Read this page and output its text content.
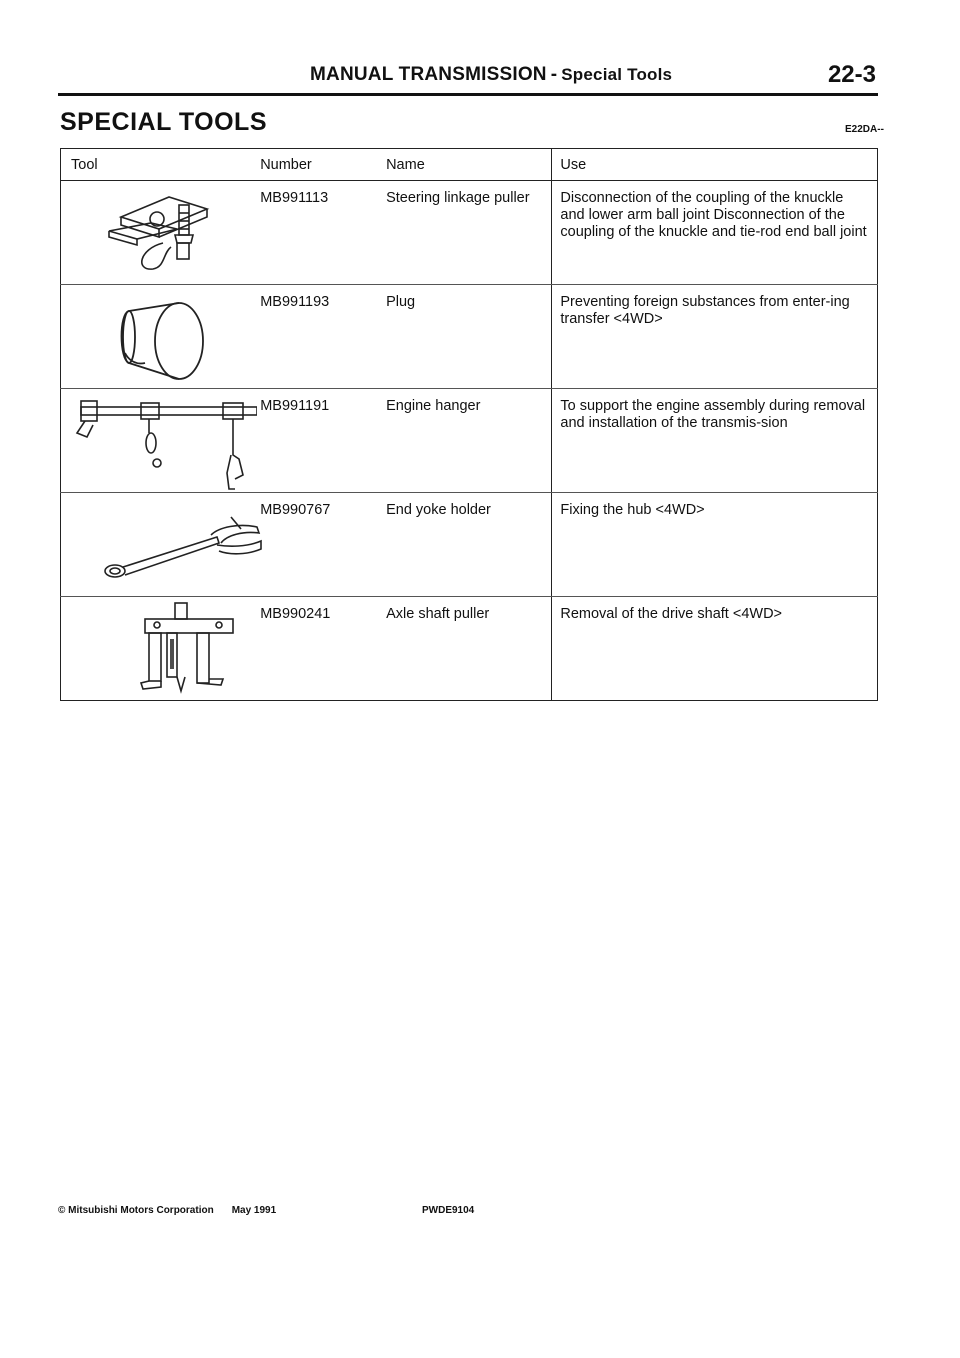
MANUAL TRANSMISSION - Special Tools	22-3
SPECIAL TOOLS	E22DA--
Tool	Number	Name	Use

	MB991113	Steering linkage puller	Disconnection of the coupling of the knuckle and lower arm ball joint Disconnection of the coupling of the knuckle and tie-rod end ball joint

	MB991193	Plug	Preventing foreign substances from enter-ing transfer <4WD>

	MB991191	Engine hanger	To support the engine assembly during removal and installation of the transmis-sion

	MB990767	End yoke holder	Fixing the hub <4WD>

	MB990241	Axle shaft puller	Removal of the drive shaft <4WD>
© Mitsubishi Motors Corporation May 1991	PWDE9104
